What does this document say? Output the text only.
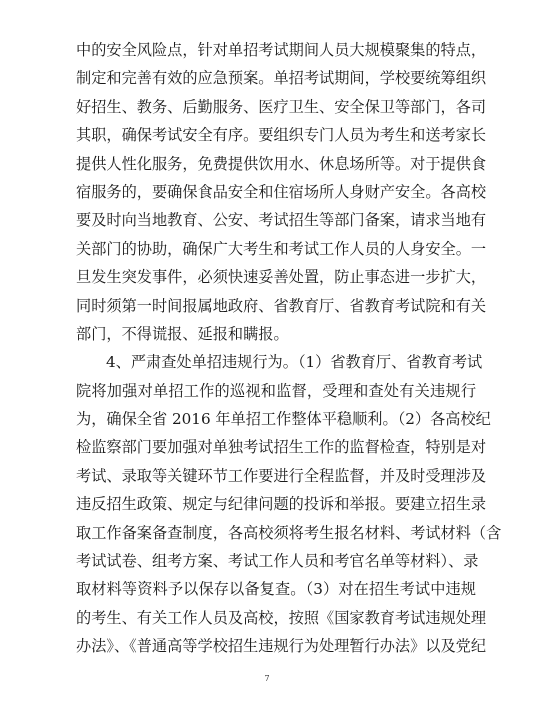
中的安全风险点，针对单招考试期间人员大规模聚集的特点，
制定和完善有效的应急预案。单招考试期间，学校要统筹组织
好招生、教务、后勤服务、医疗卫生、安全保卫等部门，各司
其职，确保考试安全有序。要组织专门人员为考生和送考家长
提供人性化服务，免费提供饮用水、休息场所等。对于提供食
宿服务的，要确保食品安全和住宿场所人身财产安全。各高校
要及时向当地教育、公安、考试招生等部门备案，请求当地有
关部门的协助，确保广大考生和考试工作人员的人身安全。一
旦发生突发事件，必须快速妥善处置，防止事态进一步扩大，
同时须第一时间报属地政府、省教育厅、省教育考试院和有关
部门，不得谎报、延报和瞒报。
4、严肃查处单招违规行为。（1）省教育厅、省教育考试
院将加强对单招工作的巡视和监督，受理和查处有关违规行
为，确保全省 2016 年单招工作整体平稳顺利。（2）各高校纪
检监察部门要加强对单独考试招生工作的监督检查，特别是对
考试、录取等关键环节工作要进行全程监督，并及时受理涉及
违反招生政策、规定与纪律问题的投诉和举报。要建立招生录
取工作备案备查制度，各高校须将考生报名材料、考试材料（含
考试试卷、组考方案、考试工作人员和考官名单等材料）、录
取材料等资料予以保存以备复查。（3）对在招生考试中违规
的考生、有关工作人员及高校，按照《国家教育考试违规处理
办法》、《普通高等学校招生违规行为处理暂行办法》以及党纪
7
